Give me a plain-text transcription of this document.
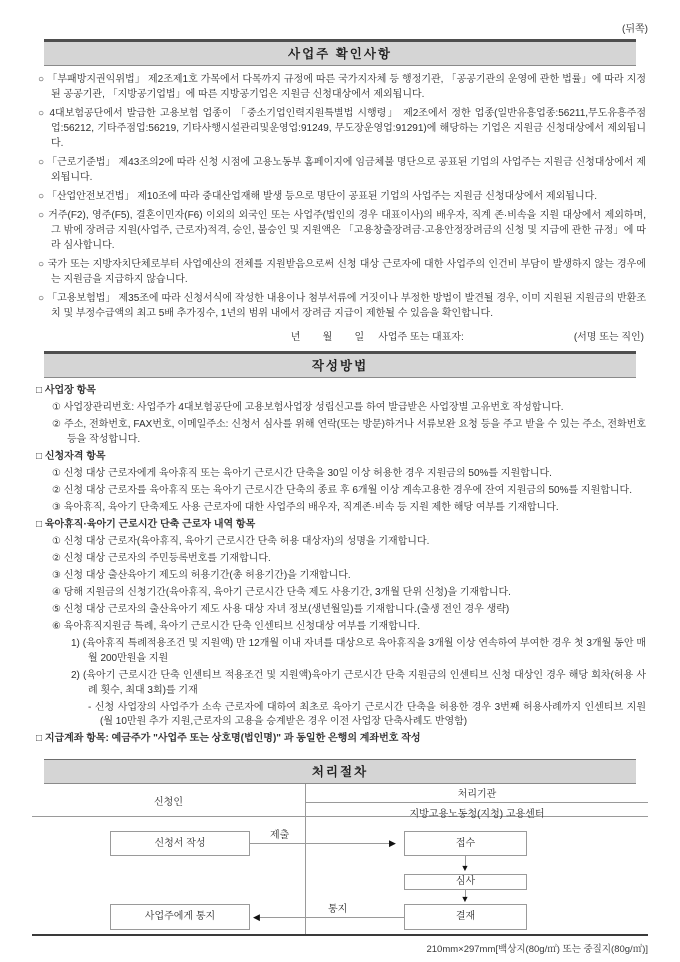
(뒤쪽)
사업주 확인사항

○ 「부패방지권익위법」 제2조제1호 가목에서 다목까지 규정에 따른 국가지자체 등 행정기관, 「공공기관의 운영에 관한 법률」에 따라 지정된 공공기관, 「지방공기업법」에 따른 지방공기업은 지원금 신청대상에서 제외됩니다.

○ 4대보험공단에서 발급한 고용보험 업종이 「중소기업인력지원특별법 시행령」 제2조에서 정한 업종(일반유흥업종:56211,무도유흥주점업:56212, 기타주점업:56219, 기타사행시설관리및운영업:91249, 무도장운영업:91291)에 해당하는 기업은 지원금 신청대상에서 제외됩니다.

○ 「근로기준법」 제43조의2에 따라 신청 시점에 고용노동부 홈페이지에 임금체불 명단으로 공표된 기업의 사업주는 지원금 신청대상에서 제외됩니다.

○ 「산업안전보건법」 제10조에 따라 중대산업재해 발생 등으로 명단이 공표된 기업의 사업주는 지원금 신청대상에서 제외됩니다.

○ 거주(F2), 영주(F5), 결혼이민자(F6) 이외의 외국인 또는 사업주(법인의 경우 대표이사)의 배우자, 직계 존·비속을 지원 대상에서 제외하며, 그 밖에 장려금 지원(사업주, 근로자)적격, 승인, 불승인 및 지원액은 「고용창출장려금·고용안정장려금의 신청 및 지급에 관한 규정」에 따라 심사합니다.

○ 국가 또는 지방자치단체로부터 사업예산의 전체를 지원받음으로써 신청 대상 근로자에 대한 사업주의 인건비 부담이 발생하지 않는 경우에는 지원금을 지급하지 않습니다.

○ 「고용보험법」 제35조에 따라 신청서식에 작성한 내용이나 첨부서류에 거짓이나 부정한 방법이 발견될 경우, 이미 지원된 지원금의 반환조치 및 부정수급액의 최고 5배 추가징수, 1년의 범위 내에서 장려금 지급이 제한될 수 있음을 확인합니다.

년        월        일 사업주 또는 대표자:	(서명 또는 직인)
작성방법

□ 사업장 항목

① 사업장관리번호: 사업주가 4대보험공단에 고용보험사업장 성립신고를 하여 발급받은 사업장별 고유번호 작성합니다.

② 주소, 전화번호, FAX번호, 이메일주소: 신청서 심사를 위해 연락(또는 방문)하거나 서류보완 요청 등을 주고 받을 수 있는 주소, 전화번호 등을 작성합니다.

□ 신청자격 항목

① 신청 대상 근로자에게 육아휴직 또는 육아기 근로시간 단축을 30일 이상 허용한 경우 지원금의 50%를 지원합니다.

② 신청 대상 근로자를 육아휴직 또는 육아기 근로시간 단축의 종료 후 6개월 이상 계속고용한 경우에 잔여 지원금의 50%를 지원합니다.

③ 육아휴직, 육아기 단축제도 사용 근로자에 대한 사업주의 배우자, 직계존·비속 등 지원 제한 해당 여부를 기재합니다.

□ 육아휴직·육아기 근로시간 단축 근로자 내역 항목

① 신청 대상 근로자(육아휴직, 육아기 근로시간 단축 허용 대상자)의 성명을 기재합니다.

② 신청 대상 근로자의 주민등록번호를 기재합니다.

③ 신청 대상 출산육아기 제도의 허용기간(총 허용기간)을 기재합니다.

④ 당해 지원금의 신청기간(육아휴직, 육아기 근로시간 단축 제도 사용기간, 3개월 단위 신청)을 기재합니다.

⑤ 신청 대상 근로자의 출산육아기 제도 사용 대상 자녀 정보(생년월일)를 기재합니다.(출생 전인 경우 생략)

⑥ 육아휴직지원금 특례, 육아기 근로시간 단축 인센티브 신청대상 여부를 기재합니다.

1) (육아휴직 특례적용조건 및 지원액) 만 12개월 이내 자녀를 대상으로 육아휴직을 3개월 이상 연속하여 부여한 경우 첫 3개월 동안 매월 200만원을 지원

2) (육아기 근로시간 단축 인센티브 적용조건 및 지원액)육아기 근로시간 단축 지원금의 인센티브 신청 대상인 경우 해당 회차(허용 사례 횟수, 최대 3회)를 기재

- 신청 사업장의 사업주가 소속 근로자에 대하여 최초로 육아기 근로시간 단축을 허용한 경우 3번째 허용사례까지 인센티브 지원(월 10만원 추가 지원,근로자의 고용을 승계받은 경우 이전 사업장 단축사례도 반영함)

□ 지급계좌 항목: 예금주가 "사업주 또는 상호명(법인명)" 과 동일한 은행의 계좌번호 작성

처리절차
신청인
처리기관
지방고용노동청(지청) 고용센터
신청서 작성	접수
심사
결재
사업주에게 통지
▶
▼
▼
◀
제출
통지
210mm×297mm[백상지(80g/㎡) 또는 중질지(80g/㎡)]
